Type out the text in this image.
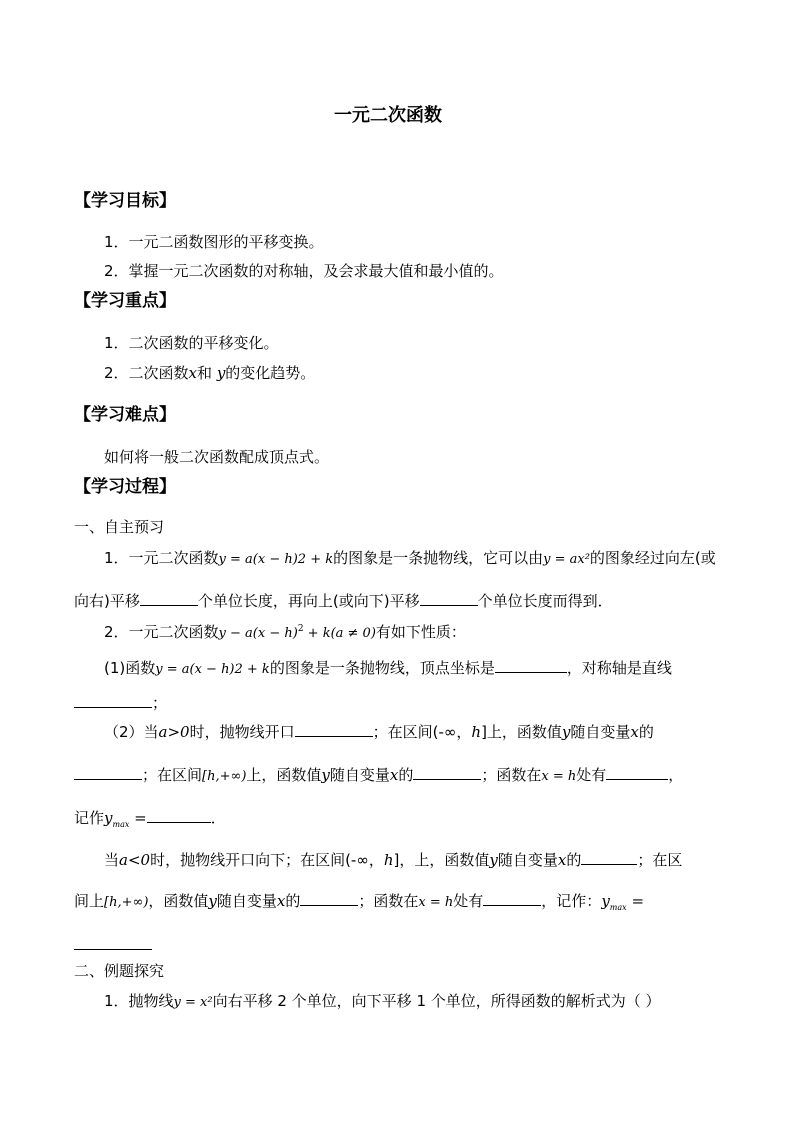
一元二次函数
【学习目标】
1．一元二函数图形的平移变换。
2．掌握一元二次函数的对称轴，及会求最大值和最小值的。
【学习重点】
1．二次函数的平移变化。
2．二次函数x和 y的变化趋势。
【学习难点】
如何将一般二次函数配成顶点式。
【学习过程】
一、自主预习
1．一元二次函数y = a(x − h)2 + k的图象是一条抛物线，它可以由y = ax²的图象经过向左(或
向右)平移	个单位长度，再向上(或向下)平移	个单位长度而得到．
2．一元二次函数$y - a(x - h)^2 + k(a \ne 0)$有如下性质：
(1)函数y = a(x − h)2 + k的图象是一条抛物线，顶点坐标是	，对称轴是直线
；
（2）当a>0时，抛物线开口	；在区间(-∞，h]上，函数值y随自变量x的
；在区间[h,+∞)上，函数值y随自变量x的	；函数在x = h处有	，
记作$y_{max}$ =	．
当a<0时，抛物线开口向下；在区间(-∞，h]，上，函数值y随自变量x的	；在区
间上[h,+∞)，函数值y随自变量x的	；函数在x = h处有	，记作：$y_{max}$ =
二、例题探究
1．抛物线y = x²向右平移 2 个单位，向下平移 1 个单位，所得函数的解析式为（ ）
